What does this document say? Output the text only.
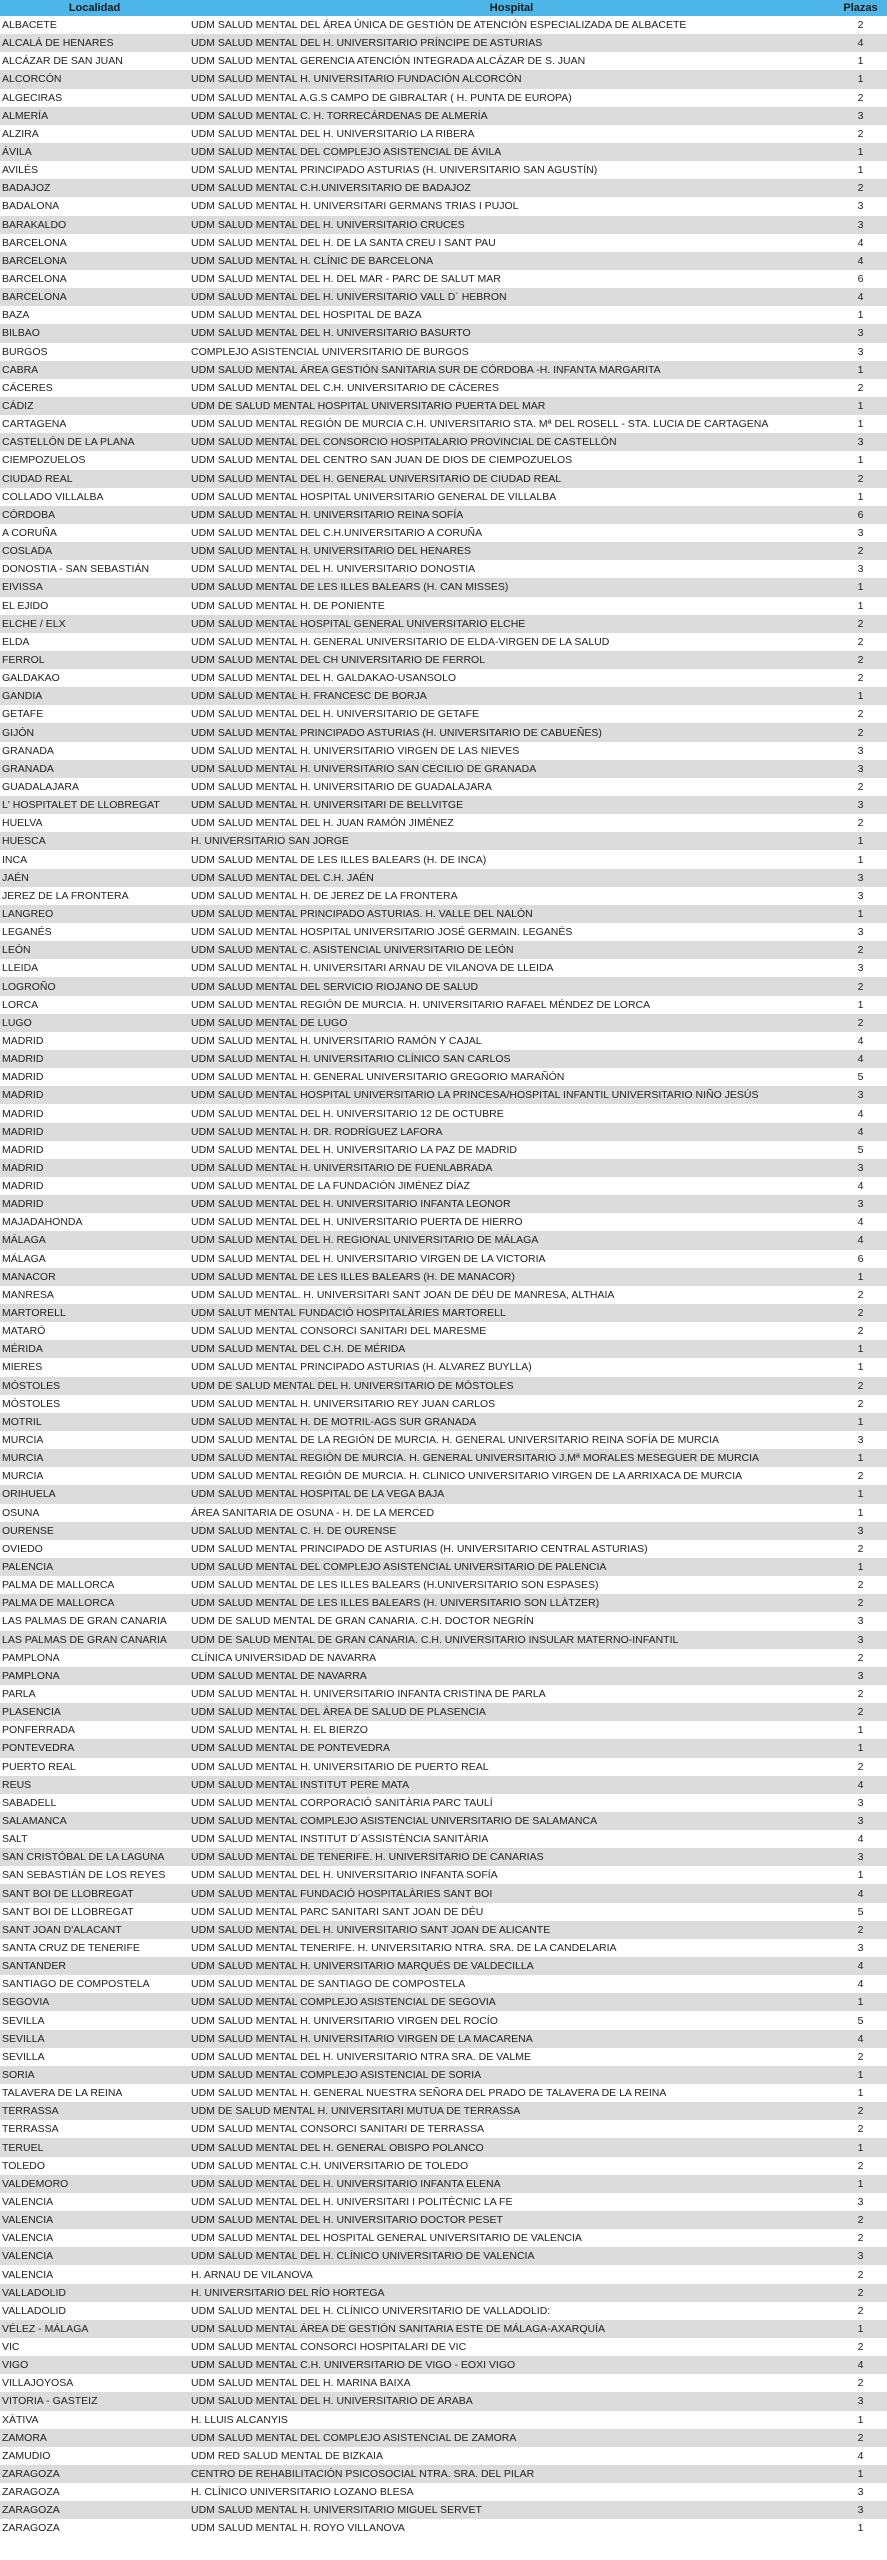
Localidad	Hospital	Plazas
ALBACETE	UDM SALUD MENTAL DEL ÁREA ÚNICA DE GESTIÓN DE ATENCIÓN ESPECIALIZADA DE ALBACETE	2
ALCALÁ DE HENARES	UDM SALUD MENTAL DEL H. UNIVERSITARIO PRÍNCIPE DE ASTURIAS	4
ALCÁZAR DE SAN JUAN	UDM SALUD MENTAL GERENCIA ATENCIÓN INTEGRADA ALCÁZAR DE S. JUAN	1
ALCORCÓN	UDM SALUD MENTAL H. UNIVERSITARIO FUNDACIÓN ALCORCÓN	1
ALGECIRAS	UDM SALUD MENTAL A.G.S CAMPO DE GIBRALTAR ( H. PUNTA DE EUROPA)	2
ALMERÍA	UDM SALUD MENTAL C. H. TORRECÁRDENAS DE ALMERÍA	3
ALZIRA	UDM SALUD MENTAL DEL H. UNIVERSITARIO LA RIBERA	2
ÁVILA	UDM SALUD MENTAL DEL COMPLEJO ASISTENCIAL DE ÁVILA	1
AVILÉS	UDM SALUD MENTAL PRINCIPADO ASTURIAS (H. UNIVERSITARIO SAN AGUSTÍN)	1
BADAJOZ	UDM SALUD MENTAL C.H.UNIVERSITARIO DE BADAJOZ	2
BADALONA	UDM SALUD MENTAL H. UNIVERSITARI GERMANS TRIAS I PUJOL	3
BARAKALDO	UDM SALUD MENTAL DEL H. UNIVERSITARIO CRUCES	3
BARCELONA	UDM SALUD MENTAL DEL H. DE LA SANTA CREU I SANT PAU	4
BARCELONA	UDM SALUD MENTAL H. CLÍNIC DE BARCELONA	4
BARCELONA	UDM SALUD MENTAL DEL H. DEL MAR - PARC DE SALUT MAR	6
BARCELONA	UDM SALUD MENTAL DEL H. UNIVERSITARIO VALL D´ HEBRON	4
BAZA	UDM SALUD MENTAL DEL HOSPITAL DE BAZA	1
BILBAO	UDM SALUD MENTAL DEL H. UNIVERSITARIO BASURTO	3
BURGOS	COMPLEJO ASISTENCIAL UNIVERSITARIO DE BURGOS	3
CABRA	UDM SALUD MENTAL ÁREA GESTIÓN SANITARIA SUR DE CÓRDOBA -H. INFANTA MARGARITA	1
CÁCERES	UDM SALUD MENTAL DEL C.H. UNIVERSITARIO DE CÁCERES	2
CÁDIZ	UDM DE SALUD MENTAL HOSPITAL UNIVERSITARIO PUERTA DEL MAR	1
CARTAGENA	UDM SALUD MENTAL REGIÓN DE MURCIA C.H. UNIVERSITARIO STA. Mª DEL ROSELL - STA. LUCIA DE CARTAGENA	1
CASTELLÓN DE LA PLANA	UDM SALUD MENTAL DEL CONSORCIO HOSPITALARIO PROVINCIAL DE CASTELLÓN	3
CIEMPOZUELOS	UDM SALUD MENTAL DEL CENTRO SAN JUAN DE DIOS DE CIEMPOZUELOS	1
CIUDAD REAL	UDM SALUD MENTAL DEL H. GENERAL UNIVERSITARIO DE CIUDAD REAL	2
COLLADO VILLALBA	UDM SALUD MENTAL HOSPITAL UNIVERSITARIO GENERAL DE VILLALBA	1
CÓRDOBA	UDM SALUD MENTAL H. UNIVERSITARIO REINA SOFÍA	6
A CORUÑA	UDM SALUD MENTAL DEL C.H.UNIVERSITARIO A CORUÑA	3
COSLADA	UDM SALUD MENTAL H. UNIVERSITARIO DEL HENARES	2
DONOSTIA - SAN SEBASTIÁN	UDM SALUD MENTAL DEL H. UNIVERSITARIO DONOSTIA	3
EIVISSA	UDM SALUD MENTAL DE LES ILLES BALEARS (H. CAN MISSES)	1
EL EJIDO	UDM SALUD MENTAL H. DE PONIENTE	1
ELCHE / ELX	UDM SALUD MENTAL HOSPITAL GENERAL UNIVERSITARIO ELCHE	2
ELDA	UDM SALUD MENTAL H. GENERAL UNIVERSITARIO DE ELDA-VIRGEN DE LA SALUD	2
FERROL	UDM SALUD MENTAL DEL CH UNIVERSITARIO DE FERROL	2
GALDAKAO	UDM SALUD MENTAL DEL H. GALDAKAO-USANSOLO	2
GANDIA	UDM SALUD MENTAL H. FRANCESC DE BORJA	1
GETAFE	UDM SALUD MENTAL DEL H. UNIVERSITARIO DE GETAFE	2
GIJÓN	UDM SALUD MENTAL PRINCIPADO ASTURIAS (H. UNIVERSITARIO DE CABUEÑES)	2
GRANADA	UDM SALUD MENTAL H. UNIVERSITARIO VIRGEN DE LAS NIEVES	3
GRANADA	UDM SALUD MENTAL H. UNIVERSITARIO SAN CECILIO DE GRANADA	3
GUADALAJARA	UDM SALUD MENTAL H. UNIVERSITARIO DE GUADALAJARA	2
L' HOSPITALET DE LLOBREGAT	UDM SALUD MENTAL H. UNIVERSITARI DE BELLVITGE	3
HUELVA	UDM SALUD MENTAL DEL H. JUAN RAMÓN JIMÉNEZ	2
HUESCA	H. UNIVERSITARIO SAN JORGE	1
INCA	UDM SALUD MENTAL DE LES ILLES BALEARS (H. DE INCA)	1
JAÉN	UDM SALUD MENTAL DEL C.H. JAÉN	3
JEREZ DE LA FRONTERA	UDM SALUD MENTAL H. DE JEREZ DE LA FRONTERA	3
LANGREO	UDM SALUD MENTAL PRINCIPADO ASTURIAS. H. VALLE DEL NALÓN	1
LEGANÉS	UDM SALUD MENTAL HOSPITAL UNIVERSITARIO JOSÉ GERMAIN. LEGANÉS	3
LEÓN	UDM SALUD MENTAL C. ASISTENCIAL UNIVERSITARIO DE LEÓN	2
LLEIDA	UDM SALUD MENTAL H. UNIVERSITARI ARNAU DE VILANOVA DE LLEIDA	3
LOGROÑO	UDM SALUD MENTAL DEL SERVICIO RIOJANO DE SALUD	2
LORCA	UDM SALUD MENTAL REGIÓN DE MURCIA. H. UNIVERSITARIO RAFAEL MÉNDEZ DE LORCA	1
LUGO	UDM SALUD MENTAL DE LUGO	2
MADRID	UDM SALUD MENTAL H. UNIVERSITARIO RAMÓN Y CAJAL	4
MADRID	UDM SALUD MENTAL H. UNIVERSITARIO CLÍNICO SAN CARLOS	4
MADRID	UDM SALUD MENTAL H. GENERAL UNIVERSITARIO GREGORIO MARAÑÓN	5
MADRID	UDM SALUD MENTAL HOSPITAL UNIVERSITARIO LA PRINCESA/HOSPITAL INFANTIL UNIVERSITARIO NIÑO JESÚS	3
MADRID	UDM SALUD MENTAL DEL H. UNIVERSITARIO 12 DE OCTUBRE	4
MADRID	UDM SALUD MENTAL H. DR. RODRÍGUEZ LAFORA	4
MADRID	UDM SALUD MENTAL DEL H. UNIVERSITARIO LA PAZ DE MADRID	5
MADRID	UDM SALUD MENTAL H. UNIVERSITARIO DE FUENLABRADA	3
MADRID	UDM SALUD MENTAL DE LA FUNDACIÓN JIMÉNEZ DÍAZ	4
MADRID	UDM SALUD MENTAL DEL H. UNIVERSITARIO INFANTA LEONOR	3
MAJADAHONDA	UDM SALUD MENTAL DEL H. UNIVERSITARIO PUERTA DE HIERRO	4
MÁLAGA	UDM SALUD MENTAL DEL H. REGIONAL UNIVERSITARIO DE MÁLAGA	4
MÁLAGA	UDM SALUD MENTAL DEL H. UNIVERSITARIO VIRGEN DE LA VICTORIA	6
MANACOR	UDM SALUD MENTAL DE LES ILLES BALEARS (H. DE MANACOR)	1
MANRESA	UDM SALUD MENTAL. H. UNIVERSITARI SANT JOAN DE DÉU DE MANRESA, ALTHAIA	2
MARTORELL	UDM SALUT MENTAL FUNDACIÓ HOSPITALÀRIES MARTORELL	2
MATARÓ	UDM SALUD MENTAL CONSORCI SANITARI DEL MARESME	2
MÉRIDA	UDM SALUD MENTAL DEL C.H. DE MÉRIDA	1
MIERES	UDM SALUD MENTAL PRINCIPADO ASTURIAS (H. ALVAREZ BUYLLA)	1
MÓSTOLES	UDM DE SALUD MENTAL DEL H. UNIVERSITARIO DE MÓSTOLES	2
MÓSTOLES	UDM SALUD MENTAL H. UNIVERSITARIO REY JUAN CARLOS	2
MOTRIL	UDM SALUD MENTAL H. DE MOTRIL-AGS SUR GRANADA	1
MURCIA	UDM SALUD MENTAL DE LA REGIÓN DE MURCIA. H. GENERAL UNIVERSITARIO REINA SOFÍA DE MURCIA	3
MURCIA	UDM SALUD MENTAL REGIÓN DE MURCIA. H. GENERAL UNIVERSITARIO J.Mª MORALES MESEGUER DE MURCIA	1
MURCIA	UDM SALUD MENTAL REGIÓN DE MURCIA. H. CLINICO UNIVERSITARIO VIRGEN DE LA ARRIXACA DE MURCIA	2
ORIHUELA	UDM SALUD MENTAL HOSPITAL DE LA VEGA BAJA	1
OSUNA	ÁREA SANITARIA DE OSUNA - H. DE LA MERCED	1
OURENSE	UDM SALUD MENTAL C. H. DE OURENSE	3
OVIEDO	UDM SALUD MENTAL PRINCIPADO DE ASTURIAS (H. UNIVERSITARIO CENTRAL ASTURIAS)	2
PALENCIA	UDM SALUD MENTAL DEL COMPLEJO ASISTENCIAL UNIVERSITARIO DE PALENCIA	1
PALMA DE MALLORCA	UDM SALUD MENTAL DE LES ILLES BALEARS (H.UNIVERSITARIO SON ESPASES)	2
PALMA DE MALLORCA	UDM SALUD MENTAL DE LES ILLES BALEARS (H. UNIVERSITARIO SON LLÀTZER)	2
LAS PALMAS DE GRAN CANARIA	UDM DE SALUD MENTAL DE GRAN CANARIA. C.H. DOCTOR NEGRÍN	3
LAS PALMAS DE GRAN CANARIA	UDM DE SALUD MENTAL DE GRAN CANARIA. C.H. UNIVERSITARIO INSULAR MATERNO-INFANTIL	3
PAMPLONA	CLÍNICA UNIVERSIDAD DE NAVARRA	2
PAMPLONA	UDM SALUD MENTAL DE NAVARRA	3
PARLA	UDM SALUD MENTAL H. UNIVERSITARIO INFANTA CRISTINA DE PARLA	2
PLASENCIA	UDM SALUD MENTAL DEL ÁREA DE SALUD DE PLASENCIA	2
PONFERRADA	UDM SALUD MENTAL H. EL BIERZO	1
PONTEVEDRA	UDM SALUD MENTAL DE PONTEVEDRA	1
PUERTO REAL	UDM SALUD MENTAL H. UNIVERSITARIO DE PUERTO REAL	2
REUS	UDM SALUD MENTAL INSTITUT PERE MATA	4
SABADELL	UDM SALUD MENTAL CORPORACIÓ SANITÀRIA PARC TAULÍ	3
SALAMANCA	UDM SALUD MENTAL COMPLEJO ASISTENCIAL UNIVERSITARIO DE SALAMANCA	3
SALT	UDM SALUD MENTAL INSTITUT D´ASSISTÈNCIA SANITÀRIA	4
SAN CRISTÓBAL DE LA LAGUNA	UDM SALUD MENTAL DE TENERIFE. H. UNIVERSITARIO DE CANARIAS	3
SAN SEBASTIÁN DE LOS REYES	UDM SALUD MENTAL DEL H. UNIVERSITARIO INFANTA SOFÍA	1
SANT BOI DE LLOBREGAT	UDM SALUD MENTAL FUNDACIÓ HOSPITALÀRIES SANT BOI	4
SANT BOI DE LLOBREGAT	UDM SALUD MENTAL PARC SANITARI SANT JOAN DE DÉU	5
SANT JOAN D'ALACANT	UDM SALUD MENTAL DEL H. UNIVERSITARIO SANT JOAN DE ALICANTE	2
SANTA CRUZ DE TENERIFE	UDM SALUD MENTAL TENERIFE. H. UNIVERSITARIO NTRA. SRA. DE LA CANDELARIA	3
SANTANDER	UDM SALUD MENTAL H. UNIVERSITARIO MARQUÉS DE VALDECILLA	4
SANTIAGO DE COMPOSTELA	UDM SALUD MENTAL DE SANTIAGO DE COMPOSTELA	4
SEGOVIA	UDM SALUD MENTAL COMPLEJO ASISTENCIAL DE SEGOVIA	1
SEVILLA	UDM SALUD MENTAL H. UNIVERSITARIO VIRGEN DEL ROCÍO	5
SEVILLA	UDM SALUD MENTAL H. UNIVERSITARIO VIRGEN DE LA MACARENA	4
SEVILLA	UDM SALUD MENTAL DEL H. UNIVERSITARIO NTRA SRA. DE VALME	2
SORIA	UDM SALUD MENTAL COMPLEJO ASISTENCIAL DE SORIA	1
TALAVERA DE LA REINA	UDM SALUD MENTAL H. GENERAL NUESTRA SEÑORA DEL PRADO DE TALAVERA DE LA REINA	1
TERRASSA	UDM DE SALUD MENTAL H. UNIVERSITARI MUTUA DE TERRASSA	2
TERRASSA	UDM SALUD MENTAL CONSORCI SANITARI DE TERRASSA	2
TERUEL	UDM SALUD MENTAL DEL H. GENERAL OBISPO POLANCO	1
TOLEDO	UDM SALUD MENTAL C.H. UNIVERSITARIO DE TOLEDO	2
VALDEMORO	UDM SALUD MENTAL DEL H. UNIVERSITARIO INFANTA ELENA	1
VALENCIA	UDM SALUD MENTAL DEL H. UNIVERSITARI I POLITÈCNIC LA FE	3
VALENCIA	UDM SALUD MENTAL DEL H. UNIVERSITARIO DOCTOR PESET	2
VALENCIA	UDM SALUD MENTAL DEL HOSPITAL GENERAL UNIVERSITARIO DE VALENCIA	2
VALENCIA	UDM SALUD MENTAL DEL H. CLÍNICO UNIVERSITARIO DE VALENCIA	3
VALENCIA	H. ARNAU DE VILANOVA	2
VALLADOLID	H. UNIVERSITARIO DEL RÍO HORTEGA	2
VALLADOLID	UDM SALUD MENTAL DEL H. CLÍNICO UNIVERSITARIO DE VALLADOLID:	2
VÉLEZ - MÁLAGA	UDM SALUD MENTAL ÁREA DE GESTIÓN SANITARIA ESTE DE MÁLAGA-AXARQUÍA	1
VIC	UDM SALUD MENTAL CONSORCI HOSPITALARI DE VIC	2
VIGO	UDM SALUD MENTAL C.H. UNIVERSITARIO DE VIGO - EOXI VIGO	4
VILLAJOYOSA	UDM SALUD MENTAL DEL H. MARINA BAIXA	2
VITORIA - GASTEIZ	UDM SALUD MENTAL DEL H. UNIVERSITARIO DE ARABA	3
XÀTIVA	H. LLUIS ALCANYIS	1
ZAMORA	UDM SALUD MENTAL DEL COMPLEJO ASISTENCIAL DE ZAMORA	2
ZAMUDIO	UDM RED SALUD MENTAL DE BIZKAIA	4
ZARAGOZA	CENTRO DE REHABILITACIÓN PSICOSOCIAL NTRA. SRA. DEL PILAR	1
ZARAGOZA	H. CLÍNICO UNIVERSITARIO LOZANO BLESA	3
ZARAGOZA	UDM SALUD MENTAL H. UNIVERSITARIO MIGUEL SERVET	3
ZARAGOZA	UDM SALUD MENTAL H. ROYO VILLANOVA	1
